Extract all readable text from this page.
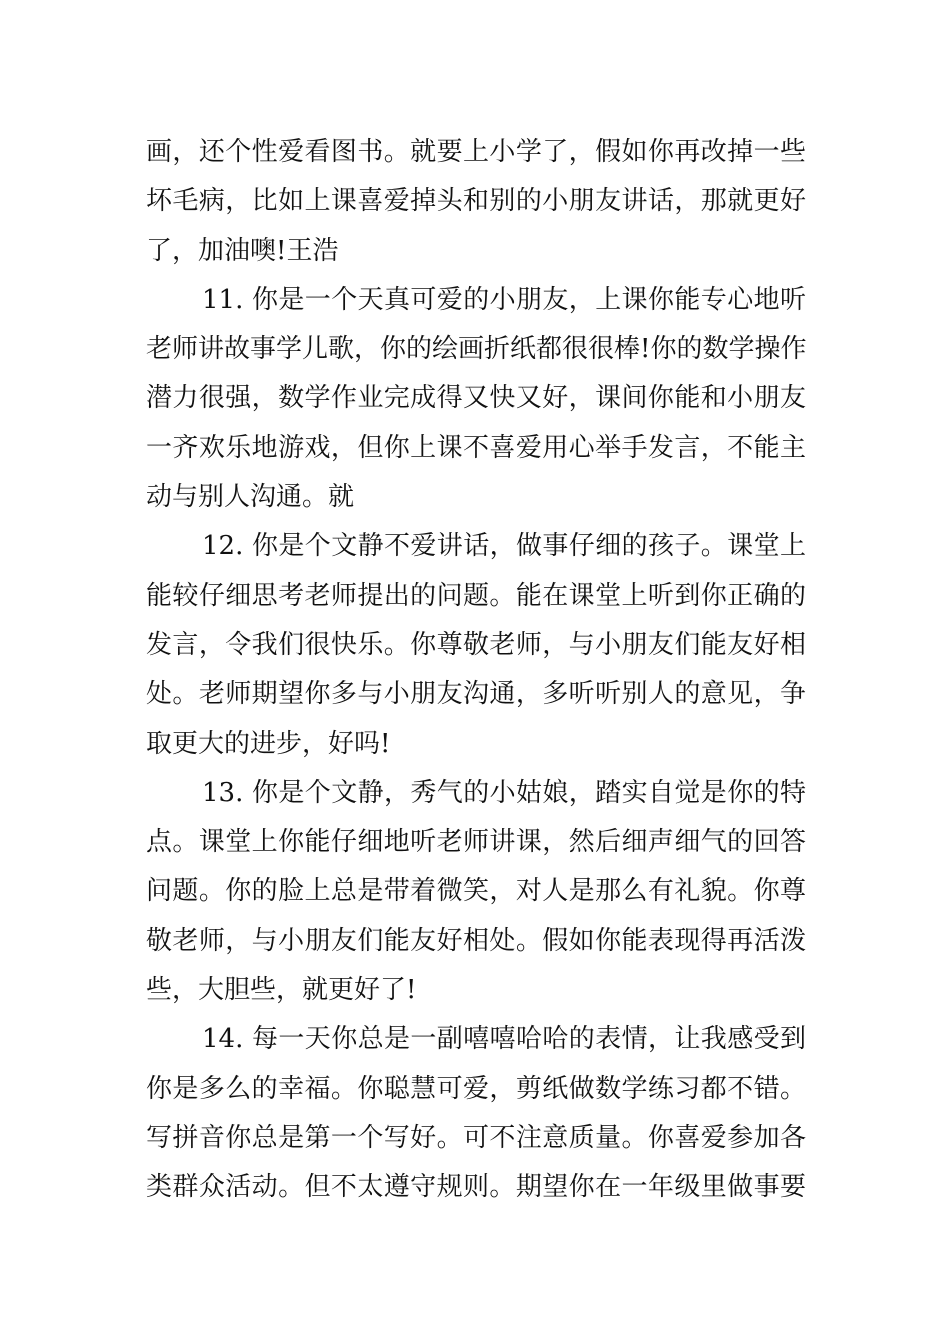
画，还个性爱看图书。就要上小学了，假如你再改掉一些
坏毛病，比如上课喜爱掉头和别的小朋友讲话，那就更好
了，加油噢!王浩
11. 你是一个天真可爱的小朋友，上课你能专心地听
老师讲故事学儿歌，你的绘画折纸都很很棒!你的数学操作
潜力很强，数学作业完成得又快又好，课间你能和小朋友
一齐欢乐地游戏，但你上课不喜爱用心举手发言，不能主
动与别人沟通。就
12. 你是个文静不爱讲话，做事仔细的孩子。课堂上
能较仔细思考老师提出的问题。能在课堂上听到你正确的
发言，令我们很快乐。你尊敬老师，与小朋友们能友好相
处。老师期望你多与小朋友沟通，多听听别人的意见，争
取更大的进步，好吗!
13. 你是个文静，秀气的小姑娘，踏实自觉是你的特
点。课堂上你能仔细地听老师讲课，然后细声细气的回答
问题。你的脸上总是带着微笑，对人是那么有礼貌。你尊
敬老师，与小朋友们能友好相处。假如你能表现得再活泼
些，大胆些，就更好了!
14. 每一天你总是一副嘻嘻哈哈的表情，让我感受到
你是多么的幸福。你聪慧可爱，剪纸做数学练习都不错。
写拼音你总是第一个写好。可不注意质量。你喜爱参加各
类群众活动。但不太遵守规则。期望你在一年级里做事要
